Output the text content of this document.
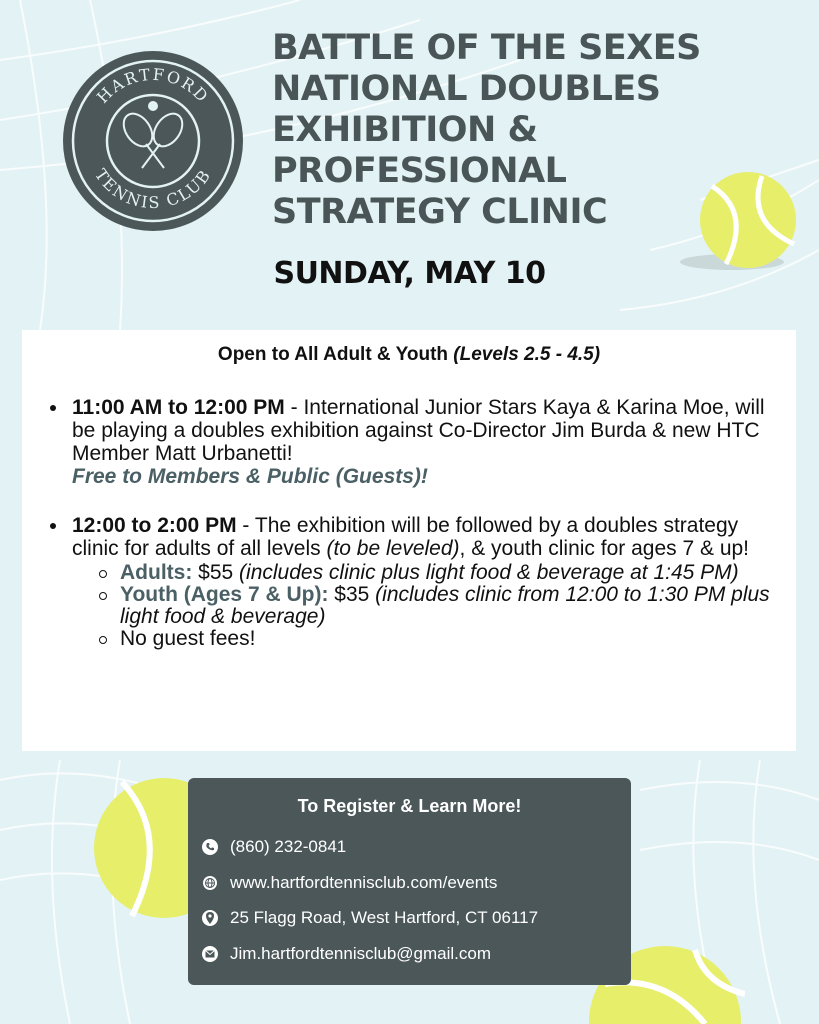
HARTFORD
TENNIS CLUB
BATTLE OF THE SEXES
NATIONAL DOUBLES
EXHIBITION &
PROFESSIONAL
STRATEGY CLINIC
SUNDAY, MAY 10
Open to All Adult & Youth (Levels 2.5 - 4.5)
11:00 AM to 12:00 PM - International Junior Stars Kaya & Karina Moe, will be playing a doubles exhibition against Co-Director Jim Burda & new HTC Member Matt Urbanetti!
Free to Members & Public (Guests)!
12:00 to 2:00 PM - The exhibition will be followed by a doubles strategy clinic for adults of all levels (to be leveled), & youth clinic for ages 7 & up!
Adults: $55 (includes clinic plus light food & beverage at 1:45 PM)
Youth (Ages 7 & Up): $35 (includes clinic from 12:00 to 1:30 PM plus light food & beverage)
No guest fees!
To Register & Learn More!
(860) 232-0841
www.hartfordtennisclub.com/events
25 Flagg Road, West Hartford, CT 06117
Jim.hartfordtennisclub@gmail.com
